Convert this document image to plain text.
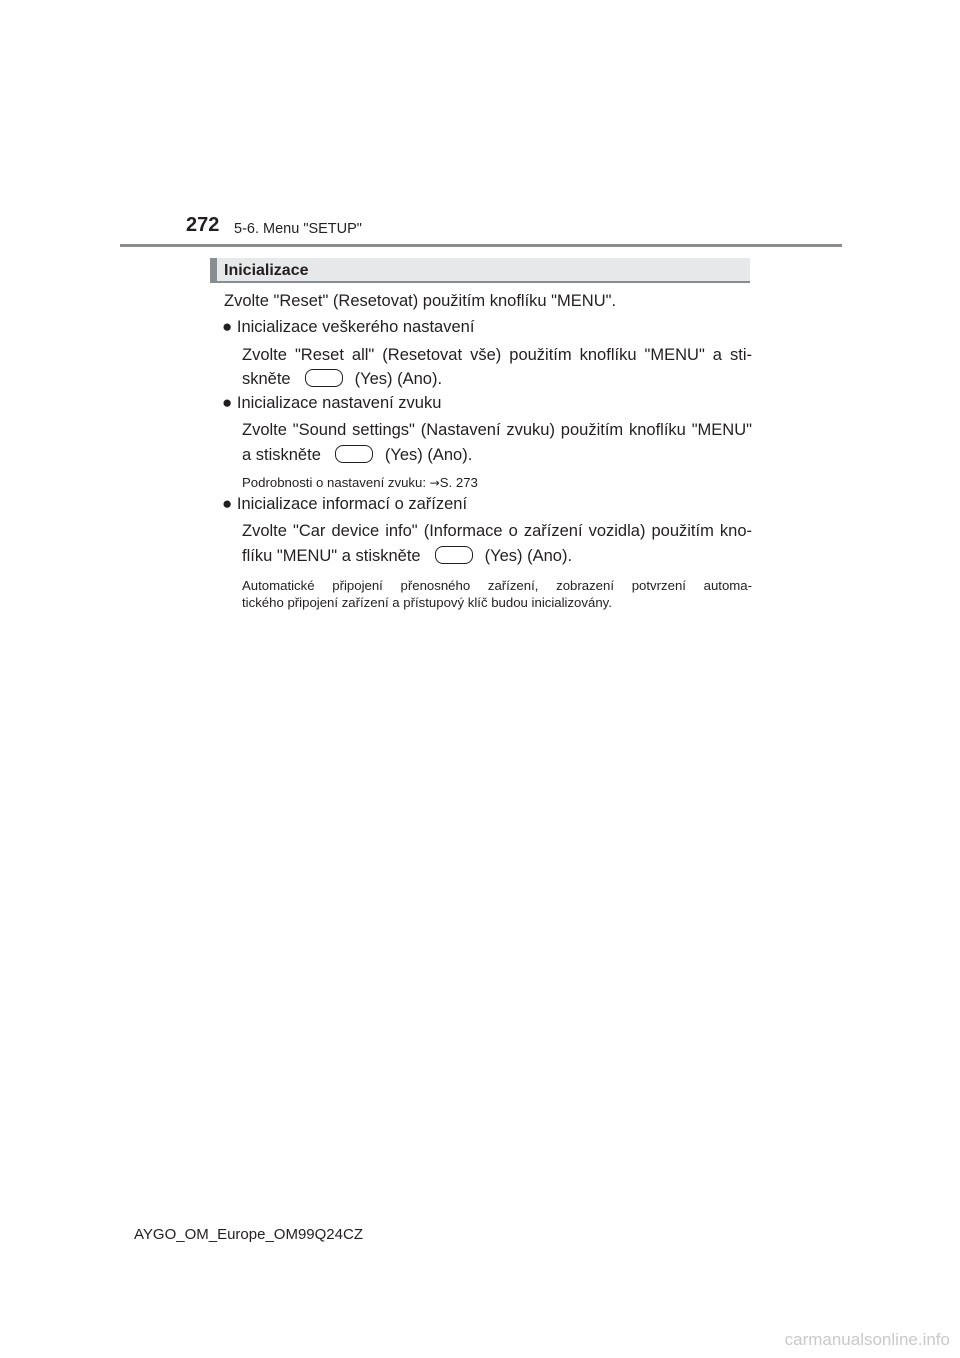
272 5-6. Menu "SETUP"
Inicializace
Zvolte "Reset" (Resetovat) použitím knoflíku "MENU".
● Inicializace veškerého nastavení
Zvolte "Reset all" (Resetovat vše) použitím knoflíku "MENU" a sti-
skněte	(Yes) (Ano).
● Inicializace nastavení zvuku
Zvolte "Sound settings" (Nastavení zvuku) použitím knoflíku "MENU"
a stiskněte	(Yes) (Ano).
Podrobnosti o nastavení zvuku: →S. 273
● Inicializace informací o zařízení
Zvolte "Car device info" (Informace o zařízení vozidla) použitím kno-
flíku "MENU" a stiskněte	(Yes) (Ano).
Automatické připojení přenosného zařízení, zobrazení potvrzení automa-
tického připojení zařízení a přístupový klíč budou inicializovány.
AYGO_OM_Europe_OM99Q24CZ
carmanualsonline.info
